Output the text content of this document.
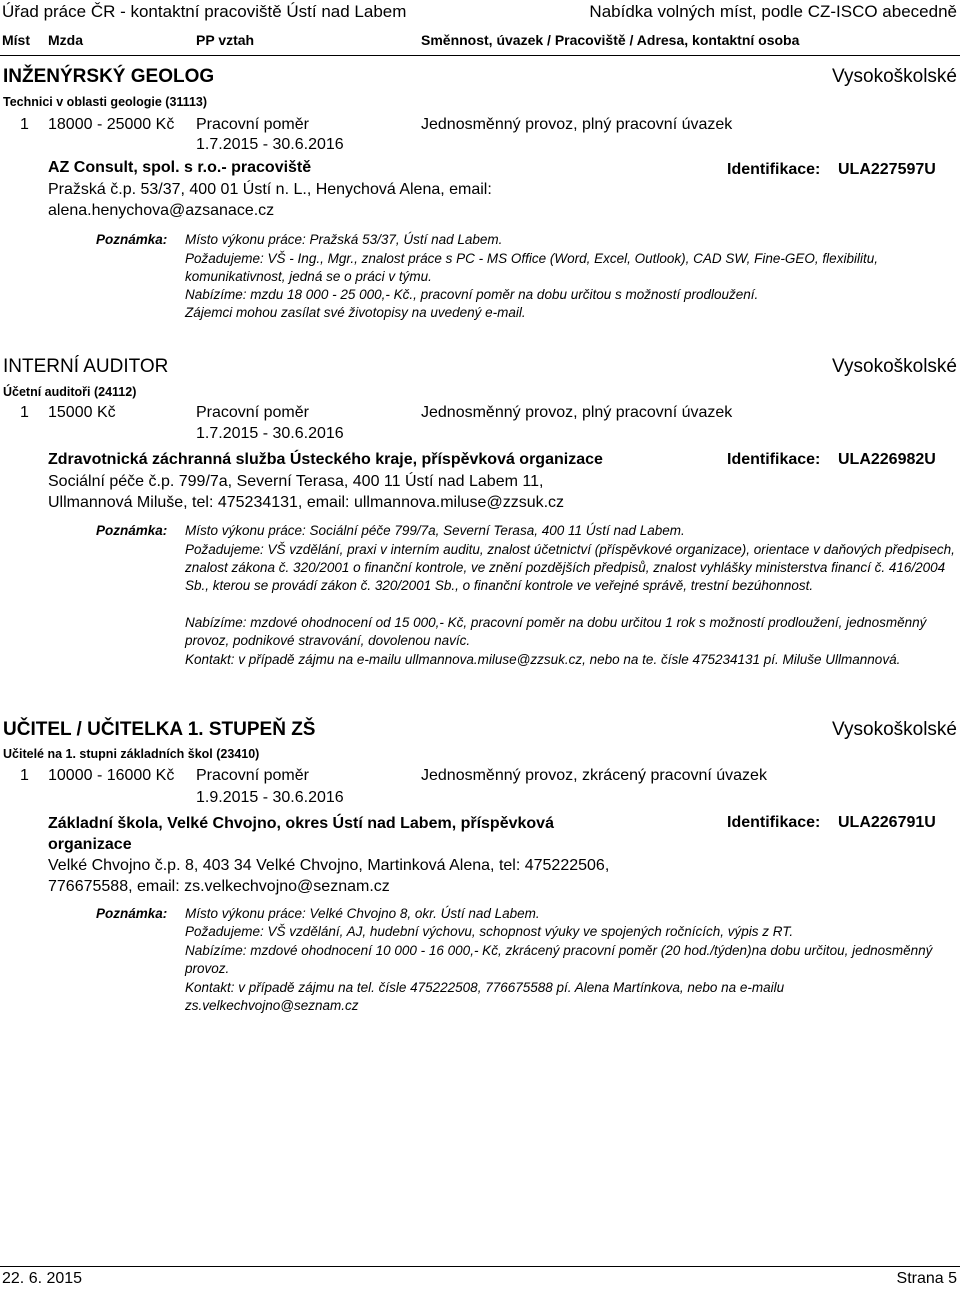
Úřad práce ČR - kontaktní pracoviště Ústí nad Labem	Nabídka volných míst, podle CZ-ISCO abecedně
Míst Mzda	PP vztah	Směnnost, úvazek / Pracoviště / Adresa, kontaktní osoba
INŽENÝRSKÝ GEOLOG	Vysokoškolské
Technici v oblasti geologie (31113)
1 18000 - 25000 Kč Pracovní poměr	Jednosměnný provoz, plný pracovní úvazek
1.7.2015 - 30.6.2016
AZ Consult, spol. s r.o.- pracoviště	Identifikace: ULA227597U
Pražská č.p. 53/37, 400 01 Ústí n. L., Henychová Alena, email:
alena.henychova@azsanace.cz
Poznámka: Místo výkonu práce: Pražská 53/37, Ústí nad Labem.
Požadujeme: VŠ - Ing., Mgr., znalost práce s PC - MS Office (Word, Excel, Outlook), CAD SW, Fine-GEO, flexibilitu, komunikativnost, jedná se o práci v týmu.
Nabízíme: mzdu 18 000 - 25 000,- Kč., pracovní poměr na dobu určitou s možností prodloužení.
Zájemci mohou zasílat své životopisy na uvedený e-mail.
INTERNÍ AUDITOR	Vysokoškolské
Účetní auditoři (24112)
1 15000 Kč	Pracovní poměr	Jednosměnný provoz, plný pracovní úvazek
1.7.2015 - 30.6.2016
Zdravotnická záchranná služba Ústeckého kraje, příspěvková organizace	Identifikace: ULA226982U
Sociální péče č.p. 799/7a, Severní Terasa, 400 11 Ústí nad Labem 11,
Ullmannová Miluše, tel: 475234131, email: ullmannova.miluse@zzsuk.cz
Poznámka: Místo výkonu práce: Sociální péče 799/7a, Severní Terasa, 400 11 Ústí nad Labem.
Požadujeme: VŠ vzdělání, praxi v interním auditu, znalost účetnictví (příspěvkové organizace), orientace v daňových předpisech, znalost zákona č. 320/2001 o finanční kontrole, ve znění pozdějších předpisů, znalost vyhlášky ministerstva financí č. 416/2004 Sb., kterou se provádí zákon č. 320/2001 Sb., o finanční kontrole ve veřejné správě, trestní bezúhonnost.
Nabízíme: mzdové ohodnocení od 15 000,- Kč, pracovní poměr na dobu určitou 1 rok s možností prodloužení, jednosměnný provoz, podnikové stravování, dovolenou navíc.
Kontakt: v případě zájmu na e-mailu ullmannova.miluse@zzsuk.cz, nebo na te. čísle 475234131 pí. Miluše Ullmannová.
UČITEL / UČITELKA 1. STUPEŇ ZŠ	Vysokoškolské
Učitelé na 1. stupni základních škol (23410)
1 10000 - 16000 Kč Pracovní poměr	Jednosměnný provoz, zkrácený pracovní úvazek
1.9.2015 - 30.6.2016
Základní škola, Velké Chvojno, okres Ústí nad Labem, příspěvková organizace
Identifikace: ULA226791U
Velké Chvojno č.p. 8, 403 34 Velké Chvojno, Martinková Alena, tel: 475222506,
776675588, email: zs.velkechvojno@seznam.cz
Poznámka: Místo výkonu práce: Velké Chvojno 8, okr. Ústí nad Labem.
Požadujeme: VŠ vzdělání, AJ, hudební výchovu, schopnost výuky ve spojených ročnících, výpis z RT.
Nabízíme: mzdové ohodnocení 10 000 - 16 000,- Kč, zkrácený pracovní poměr (20 hod./týden)na dobu určitou, jednosměnný provoz.
Kontakt: v případě zájmu na tel. čísle 475222508, 776675588 pí. Alena Martínkova, nebo na e-mailu zs.velkechvojno@seznam.cz
22. 6. 2015	Strana 5
